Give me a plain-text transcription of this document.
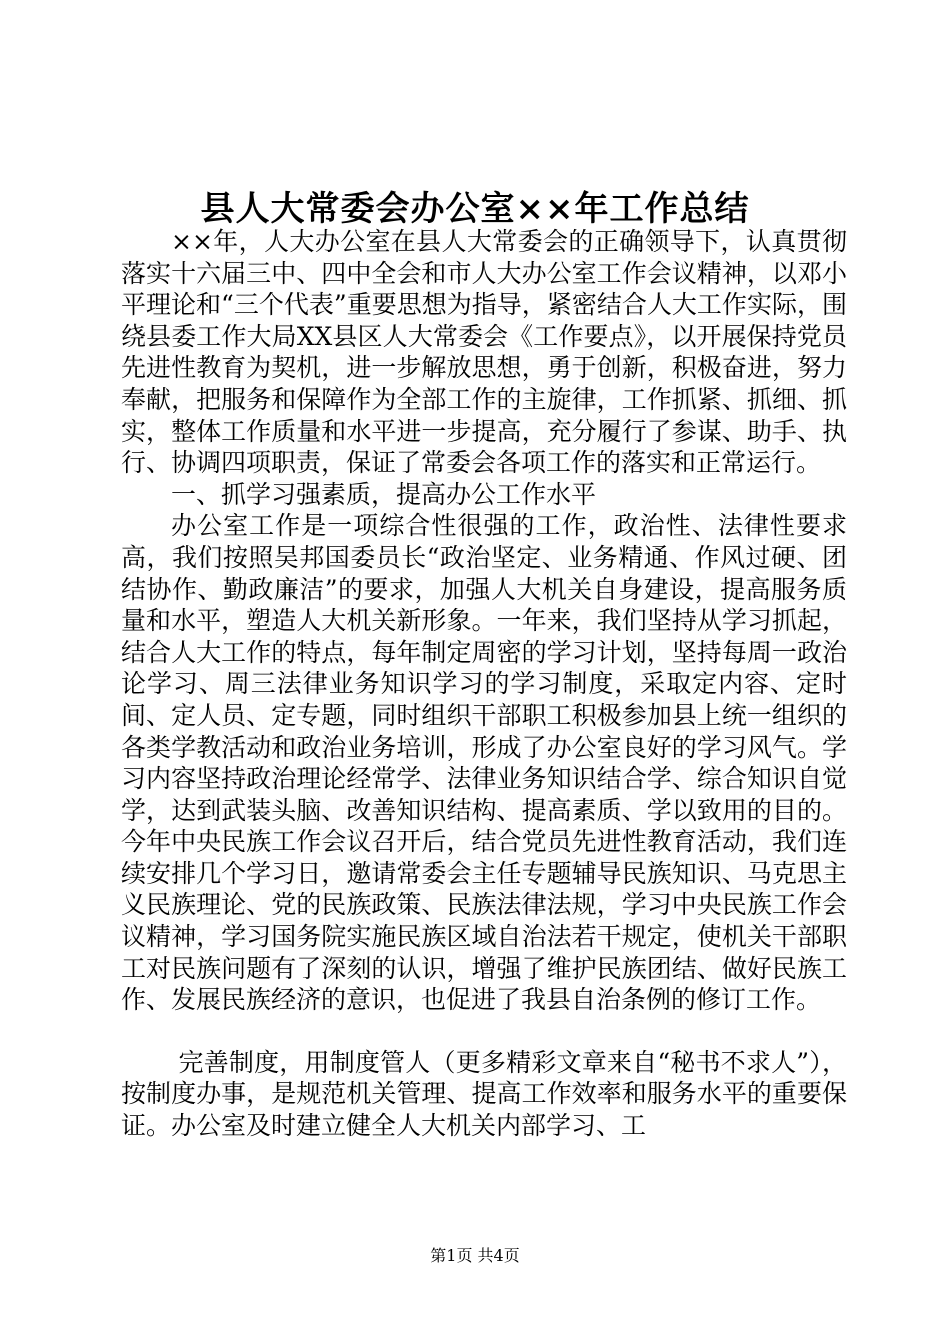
县人大常委会办公室××年工作总结

××年，人大办公室在县人大常委会的正确领导下，认真贯彻落实十六届三中、四中全会和市人大办公室工作会议精神，以邓小平理论和“三个代表”重要思想为指导，紧密结合人大工作实际，围绕县委工作大局XX县区人大常委会《工作要点》，以开展保持党员先进性教育为契机，进一步解放思想，勇于创新，积极奋进，努力奉献，把服务和保障作为全部工作的主旋律，工作抓紧、抓细、抓实，整体工作质量和水平进一步提高，充分履行了参谋、助手、执行、协调四项职责，保证了常委会各项工作的落实和正常运行。

一、抓学习强素质，提高办公工作水平

办公室工作是一项综合性很强的工作，政治性、法律性要求高，我们按照吴邦国委员长“政治坚定、业务精通、作风过硬、团结协作、勤政廉洁”的要求，加强人大机关自身建设，提高服务质量和水平，塑造人大机关新形象。一年来，我们坚持从学习抓起，结合人大工作的特点，每年制定周密的学习计划，坚持每周一政治论学习、周三法律业务知识学习的学习制度，采取定内容、定时间、定人员、定专题，同时组织干部职工积极参加县上统一组织的各类学教活动和政治业务培训，形成了办公室良好的学习风气。学习内容坚持政治理论经常学、法律业务知识结合学、综合知识自觉学，达到武装头脑、改善知识结构、提高素质、学以致用的目的。今年中央民族工作会议召开后，结合党员先进性教育活动，我们连续安排几个学习日，邀请常委会主任专题辅导民族知识、马克思主义民族理论、党的民族政策、民族法律法规，学习中央民族工作会议精神，学习国务院实施民族区域自治法若干规定，使机关干部职工对民族问题有了深刻的认识，增强了维护民族团结、做好民族工作、发展民族经济的意识，也促进了我县自治条例的修订工作。

完善制度，用制度管人（更多精彩文章来自“秘书不求人”），按制度办事，是规范机关管理、提高工作效率和服务水平的重要保证。办公室及时建立健全人大机关内部学习、工

第1页 共4页
